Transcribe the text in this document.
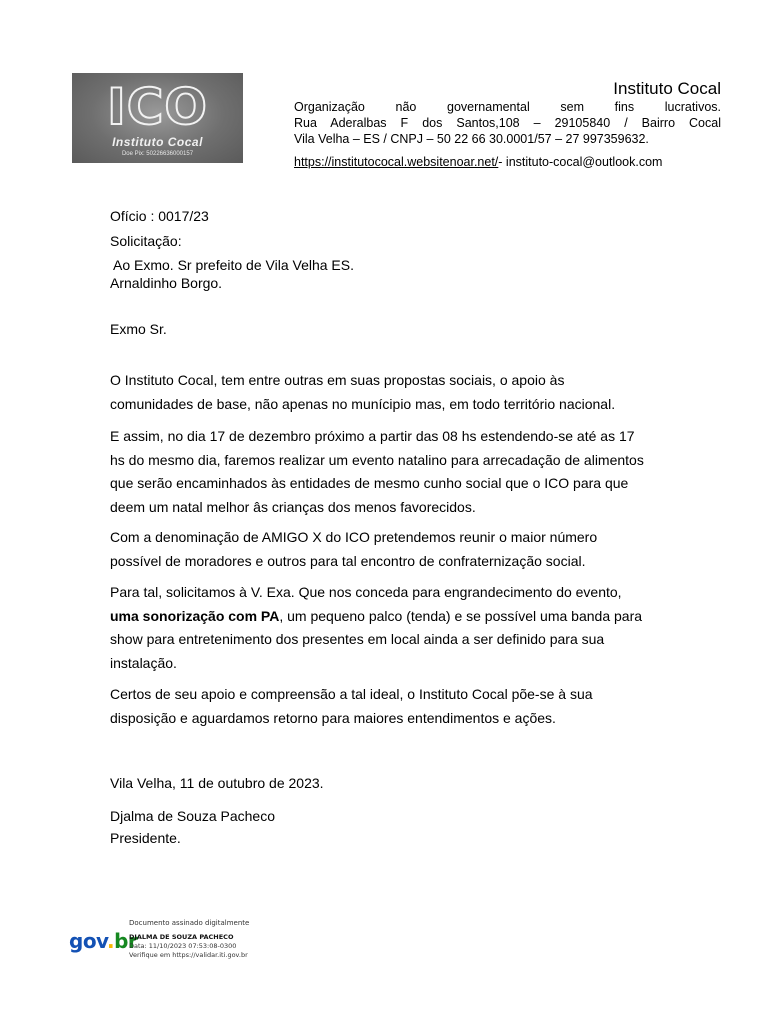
ICO
Instituto Cocal
Doe Pix: 50226636000157
Instituto Cocal
Organização não governamental sem fins lucrativos.
Rua Aderalbas F dos Santos,108 – 29105840 / Bairro Cocal
Vila Velha – ES / CNPJ – 50 22 66 30.0001/57 – 27 997359632.
https://institutococal.websitenoar.net/- instituto-cocal@outlook.com
Ofício : 0017/23
Solicitação:
Ao Exmo. Sr prefeito de Vila Velha ES.
Arnaldinho Borgo.
Exmo Sr.
O Instituto Cocal, tem entre outras em suas propostas sociais, o apoio às
comunidades de base, não apenas no munícipio mas, em todo território nacional.
E assim, no dia 17 de dezembro próximo a partir das 08 hs estendendo-se até as 17
hs do mesmo dia, faremos realizar um evento natalino para arrecadação de alimentos
que serão encaminhados às entidades de mesmo cunho social que o ICO para que
deem um natal melhor âs crianças dos menos favorecidos.
Com a denominação de AMIGO X do ICO pretendemos reunir o maior número
possível de moradores e outros para tal encontro de confraternização social.
Para tal, solicitamos à V. Exa. Que nos conceda para engrandecimento do evento,
uma sonorização com PA, um pequeno palco (tenda) e se possível uma banda para
show para entretenimento dos presentes em local ainda a ser definido para sua
instalação.
Certos de seu apoio e compreensão a tal ideal, o Instituto Cocal põe-se à sua
disposição e aguardamos retorno para maiores entendimentos e ações.
Vila Velha, 11 de outubro de 2023.
Djalma de Souza Pacheco
Presidente.
gov.br
Documento assinado digitalmente
DJALMA DE SOUZA PACHECO
Data: 11/10/2023 07:53:08-0300
Verifique em https://validar.iti.gov.br
